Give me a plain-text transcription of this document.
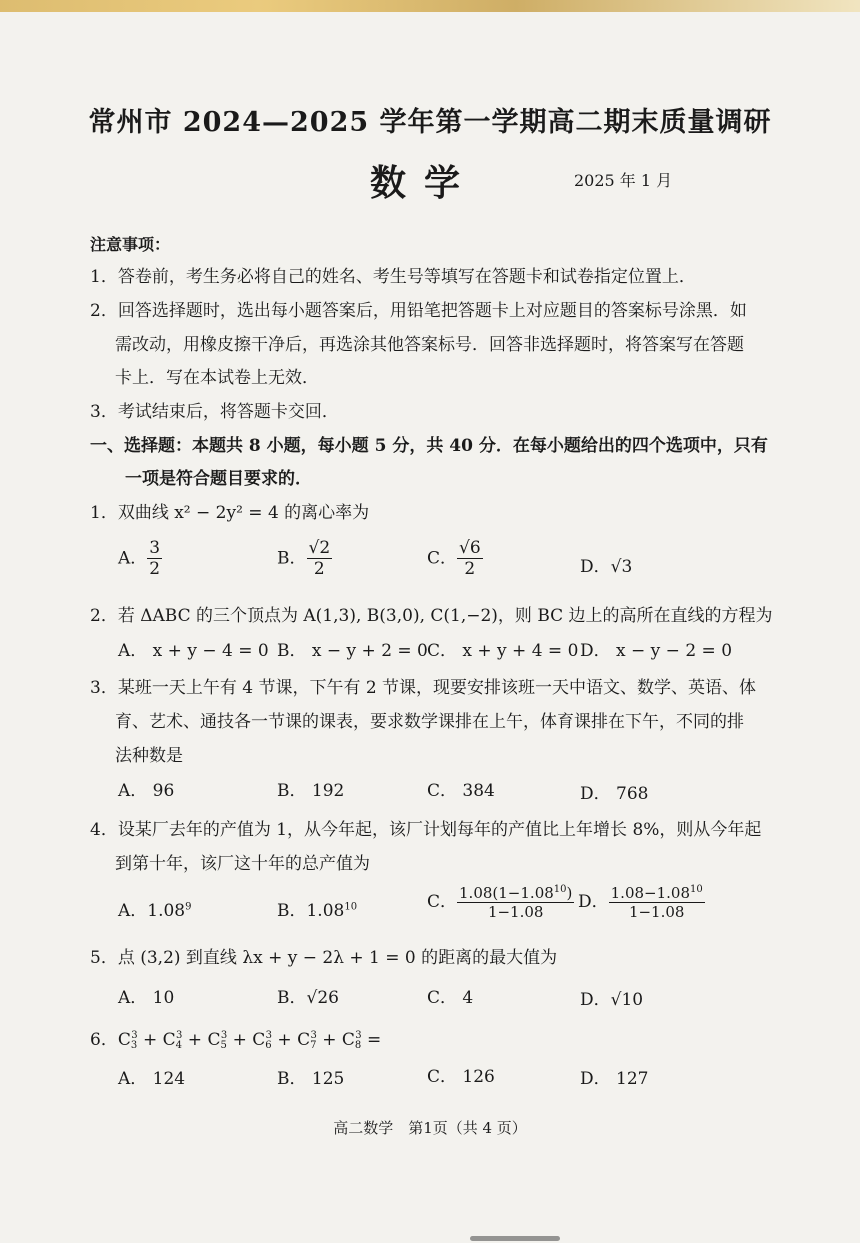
常州市 2024—2025 学年第一学期高二期末质量调研
数学	2025 年 1 月
注意事项：
1．答卷前，考生务必将自己的姓名、考生号等填写在答题卡和试卷指定位置上．
2．回答选择题时，选出每小题答案后，用铅笔把答题卡上对应题目的答案标号涂黑．如
需改动，用橡皮擦干净后，再选涂其他答案标号．回答非选择题时，将答案写在答题
卡上．写在本试卷上无效．
3．考试结束后，将答题卡交回．
一、选择题：本题共 8 小题，每小题 5 分，共 40 分．在每小题给出的四个选项中，只有
一项是符合题目要求的．
1．双曲线 x² − 2y² = 4 的离心率为
A． $\frac{3}{2}$	B． $\frac{√2}{2}$	C． $\frac{√6}{2}$	D．√3
2．若 ΔABC 的三个顶点为 A(1,3), B(3,0), C(1,−2)，则 BC 边上的高所在直线的方程为
A． x + y − 4 = 0 B． x − y + 2 = 0 C． x + y + 4 = 0 D． x − y − 2 = 0
3．某班一天上午有 4 节课，下午有 2 节课，现要安排该班一天中语文、数学、英语、体
育、艺术、通技各一节课的课表，要求数学课排在上午，体育课排在下午，不同的排
法种数是
A． 96	B． 192	C． 384	D． 768
4．设某厂去年的产值为 1，从今年起，该厂计划每年的产值比上年增长 8%，则从今年起
到第十年，该厂这十年的总产值为
A．1.08$^9$	B．1.08$^{10}$	C． $\frac{1.08(1-1.08^{10})}{1-1.08}$ D． $\frac{1.08-1.08^{10}}{1-1.08}$
5．点 (3,2) 到直线 λx + y − 2λ + 1 = 0 的距离的最大值为
A． 10	B．√26	C． 4	D．√10
6．$C_3^3 + C_4^3 + C_5^3 + C_6^3 + C_7^3 + C_8^3$ =
A． 124	B． 125	C． 126	D． 127
高二数学　第1页（共 4 页）
